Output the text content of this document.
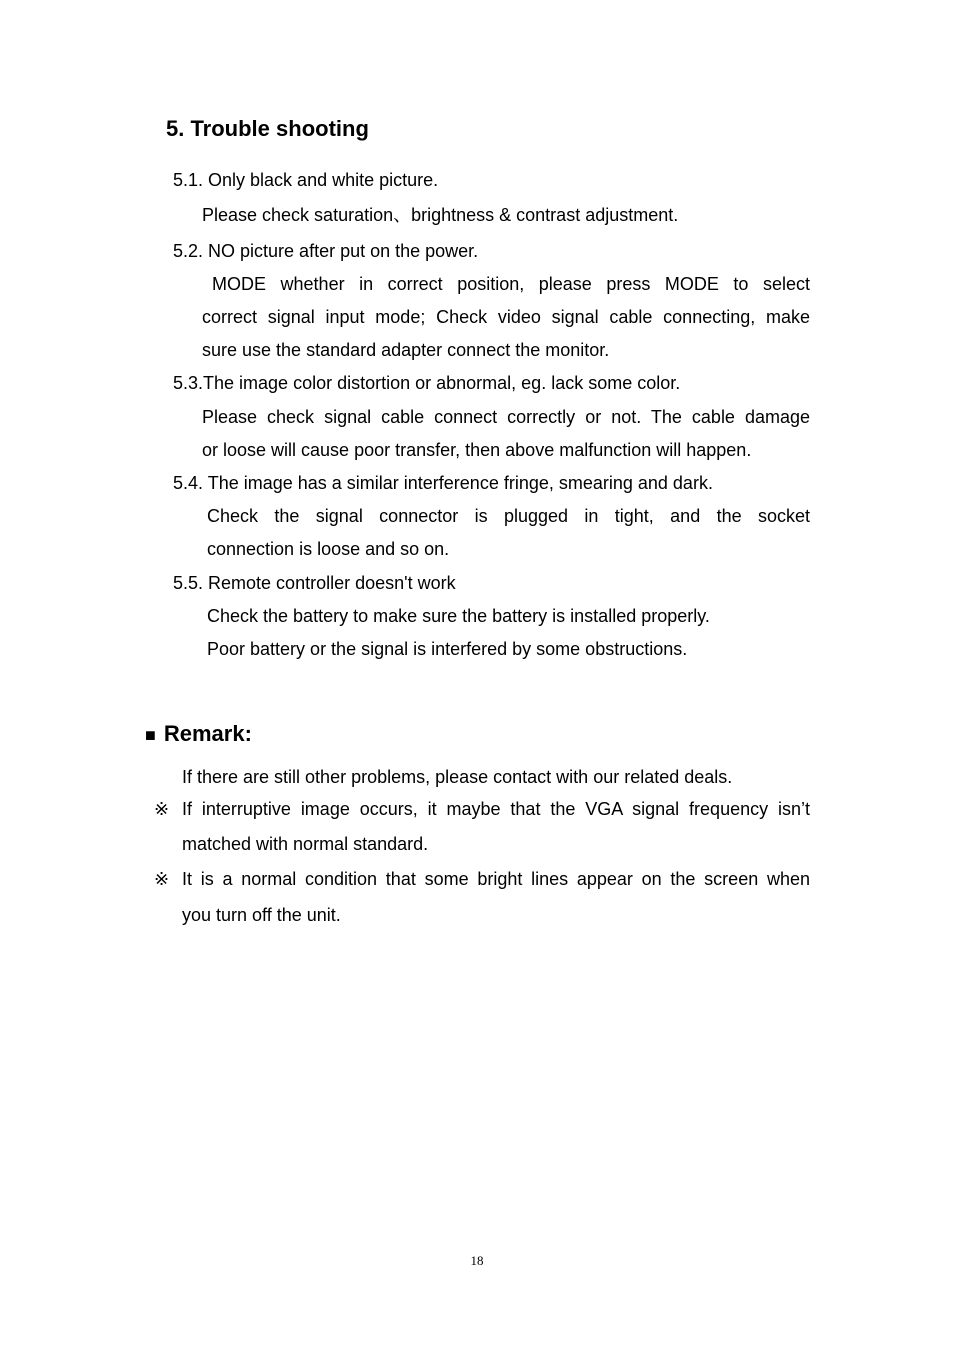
5. Trouble shooting

5.1. Only black and white picture.

Please check saturation、brightness & contrast adjustment.

5.2. NO picture after put on the power.

MODE whether in correct position, please press MODE to select

correct signal input mode; Check video signal cable connecting, make

sure use the standard adapter connect the monitor.

5.3.The image color distortion or abnormal, eg. lack some color.

Please check signal cable connect correctly or not. The cable damage

or loose will cause poor transfer, then above malfunction will happen.

5.4. The image has a similar interference fringe, smearing and dark.

Check the signal connector is plugged in tight, and the socket

connection is loose and so on.

5.5. Remote controller doesn't work

Check the battery to make sure the battery is installed properly.

Poor battery or the signal is interfered by some obstructions.

■ Remark:

If there are still other problems, please contact with our related deals.

※ If interruptive image occurs, it maybe that the VGA signal frequency isn’t

matched with normal standard.

※ It is a normal condition that some bright lines appear on the screen when

you turn off the unit.

18
